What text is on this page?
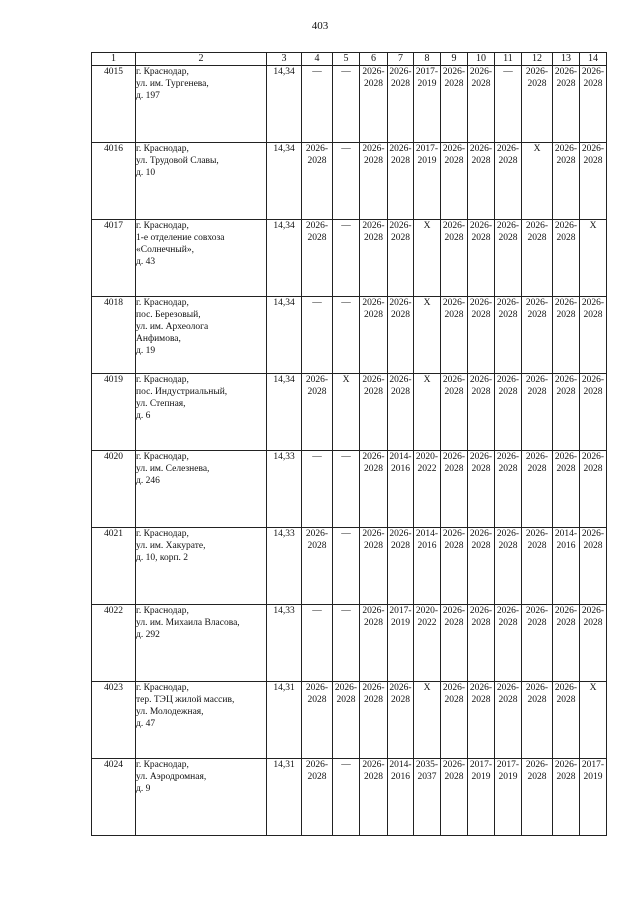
403
1	2	3	4	5	6	7	8	9	10	11	12	13	14
4015	г. Краснодар,
ул. им. Тургенева,
д. 197	14,34	—	—	2026-
2028	2026-
2028	2017-
2019	2026-
2028	2026-
2028	—	2026-
2028	2026-
2028	2026-
2028

4016	г. Краснодар,
ул. Трудовой Славы,
д. 10	14,34	2026-
2028	—	2026-
2028	2026-
2028	2017-
2019	2026-
2028	2026-
2028	2026-
2028	Х	2026-
2028	2026-
2028

4017	г. Краснодар,
1-е отделение совхоза
«Солнечный»,
д. 43	14,34	2026-
2028	—	2026-
2028	2026-
2028	Х	2026-
2028	2026-
2028	2026-
2028	2026-
2028	2026-
2028	Х
4018	г. Краснодар,
пос. Березовый,
ул. им. Археолога
Анфимова,
д. 19	14,34	—	—	2026-
2028	2026-
2028	Х	2026-
2028	2026-
2028	2026-
2028	2026-
2028	2026-
2028	2026-
2028

4019	г. Краснодар,
пос. Индустриальный,
ул. Степная,
д. 6	14,34	2026-
2028	Х	2026-
2028	2026-
2028	Х	2026-
2028	2026-
2028	2026-
2028	2026-
2028	2026-
2028	2026-
2028

4020	г. Краснодар,
ул. им. Селезнева,
д. 246	14,33	—	—	2026-
2028	2014-
2016	2020-
2022	2026-
2028	2026-
2028	2026-
2028	2026-
2028	2026-
2028	2026-
2028

4021	г. Краснодар,
ул. им. Хакурате,
д. 10, корп. 2	14,33	2026-
2028	—	2026-
2028	2026-
2028	2014-
2016	2026-
2028	2026-
2028	2026-
2028	2026-
2028	2014-
2016	2026-
2028

4022	г. Краснодар,
ул. им. Михаила Власова,
д. 292	14,33	—	—	2026-
2028	2017-
2019	2020-
2022	2026-
2028	2026-
2028	2026-
2028	2026-
2028	2026-
2028	2026-
2028

4023	г. Краснодар,
тер. ТЭЦ жилой массив,
ул. Молодежная,
д. 47	14,31	2026-
2028	2026-
2028	2026-
2028	2026-
2028	Х	2026-
2028	2026-
2028	2026-
2028	2026-
2028	2026-
2028	Х
4024	г. Краснодар,
ул. Аэродромная,
д. 9	14,31	2026-
2028	—	2026-
2028	2014-
2016	2035-
2037	2026-
2028	2017-
2019	2017-
2019	2026-
2028	2026-
2028	2017-
2019
